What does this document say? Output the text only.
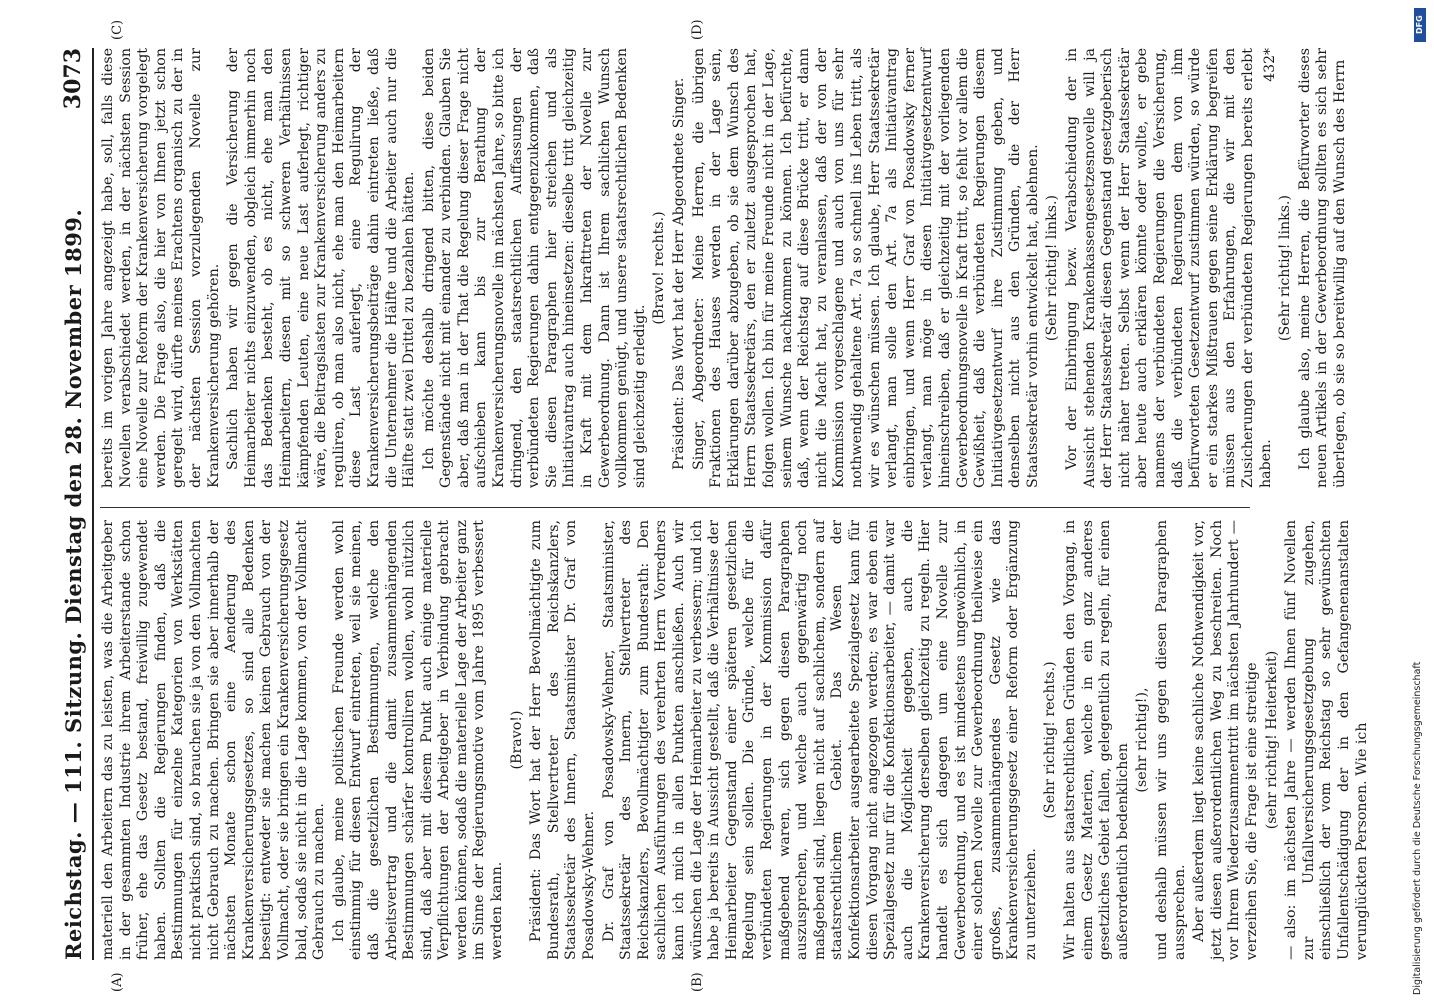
Reichstag. — 111. Sitzung. Dienstag den 28. November 1899.
3073
(A)	(B)
(C)	(D)

materiell den Arbeitern das zu leisten, was die Arbeitgeber in der gesammten Industrie ihrem Arbeiterstande schon früher, ehe das Gesetz bestand, freiwillig zugewendet haben. Sollten die Regierungen finden, daß die Bestimmungen für einzelne Kategorien von Werkstätten nicht praktisch sind, so brauchen sie ja von den Vollmachten nicht Gebrauch zu machen. Bringen sie aber innerhalb der nächsten Monate schon eine Aenderung des Krankenversicherungsgesetzes, so sind alle Bedenken beseitigt: entweder sie machen keinen Gebrauch von der Vollmacht, oder sie bringen ein Krankenversicherungsgesetz bald, sodaß sie nicht in die Lage kommen, von der Vollmacht Gebrauch zu machen. Ich glaube, meine politischen Freunde werden wohl einstimmig für diesen Entwurf eintreten, weil sie meinen, daß die gesetzlichen Bestimmungen, welche den Arbeitsvertrag und die damit zusammenhängenden Bestimmungen schärfer kontrolliren wollen, wohl nützlich sind, daß aber mit diesem Punkt auch einige materielle Verpflichtungen der Arbeitgeber in Verbindung gebracht werden können, sodaß die materielle Lage der Arbeiter ganz im Sinne der Regierungsmotive vom Jahre 1895 verbessert werden kann.

(Bravo!) Präsident: Das Wort hat der Herr Bevollmächtigte zum Bundesrath, Stellvertreter des Reichskanzlers, Staatssekretär des Innern, Staatsminister Dr. Graf von Posadowsky-Wehner. Dr. Graf von Posadowsky-Wehner, Staatsminister, Staatssekretär des Innern, Stellvertreter des Reichskanzlers, Bevollmächtigter zum Bundesrath: Den sachlichen Ausführungen des verehrten Herrn Vorredners kann ich mich in allen Punkten anschließen. Auch wir wünschen die Lage der Heimarbeiter zu verbessern; und ich habe ja bereits in Aussicht gestellt, daß die Verhältnisse der Heimarbeiter Gegenstand einer späteren gesetzlichen Regelung sein sollen. Die Gründe, welche für die verbündeten Regierungen in der Kommission dafür maßgebend waren, sich gegen diesen Paragraphen auszusprechen, und welche auch gegenwärtig noch maßgebend sind, liegen nicht auf sachlichem, sondern auf staatsrechtlichem Gebiet. Das Wesen der Konfektionsarbeiter ausgearbeitete Spezialgesetz kann für diesen Vorgang nicht angezogen werden; es war eben ein Spezialgesetz nur für die Konfektionsarbeiter, — damit war auch die Möglichkeit gegeben, auch die Krankenversicherung derselben gleichzeitig zu regeln. Hier handelt es sich dagegen um eine Novelle zur Gewerbeordnung, und es ist mindestens ungewöhnlich, in einer solchen Novelle zur Gewerbeordnung theilweise ein großes, zusammenhängendes Gesetz wie das Krankenversicherungsgesetz einer Reform oder Ergänzung zu unterziehen.

(Sehr richtig! rechts.) Wir halten aus staatsrechtlichen Gründen den Vorgang, in einem Gesetz Materien, welche in ein ganz anderes gesetzliches Gebiet fallen, gelegentlich zu regeln, für einen außerordentlich bedenklichen

(sehr richtig!), und deshalb müssen wir uns gegen diesen Paragraphen aussprechen. Aber außerdem liegt keine sachliche Nothwendigkeit vor, jetzt diesen außerordentlichen Weg zu beschreiten. Noch vor Ihrem Wiederzusammentritt im nächsten Jahrhundert — verzeihen Sie, die Frage ist eine streitige (sehr richtig! Heiterkeit) — also: im nächsten Jahre — werden Ihnen fünf Novellen zur Unfallversicherungsgesetzgebung zugehen, einschließlich der vom Reichstag so sehr gewünschten Unfallentschädigung der in den Gefangenenanstalten verunglückten Personen. Wie ich

bereits im vorigen Jahre angezeigt habe, soll, falls diese Novellen verabschiedet werden, in der nächsten Session eine Novelle zur Reform der Krankenversicherung vorgelegt werden. Die Frage also, die hier von Ihnen jetzt schon geregelt wird, dürfte meines Erachtens organisch zu der in der nächsten Session vorzulegenden Novelle zur Krankenversicherung gehören. Sachlich haben wir gegen die Versicherung der Heimarbeiter nichts einzuwenden, obgleich immerhin noch das Bedenken besteht, ob es nicht, ehe man den Heimarbeitern, diesen mit so schweren Verhältnissen kämpfenden Leuten, eine neue Last auferlegt, richtiger wäre, die Beitragslasten zur Krankenversicherung anders zu reguliren, ob man also nicht, ehe man den Heimarbeitern diese Last auferlegt, eine Regulirung der Krankenversicherungsbeiträge dahin eintreten ließe, daß die Unternehmer die Hälfte und die Arbeiter auch nur die Hälfte statt zwei Drittel zu bezahlen hätten. Ich möchte deshalb dringend bitten, diese beiden Gegenstände nicht mit einander zu verbinden. Glauben Sie aber, daß man in der That die Regelung dieser Frage nicht aufschieben kann bis zur Berathung der Krankenversicherungsnovelle im nächsten Jahre, so bitte ich dringend, den staatsrechtlichen Auffassungen der verbündeten Regierungen dahin entgegenzukommen, daß Sie diesen Paragraphen hier streichen und als Initiativantrag auch hineinsetzen: dieselbe tritt gleichzeitig in Kraft mit dem Inkrafttreten der Novelle zur Gewerbeordnung. Dann ist Ihrem sachlichen Wunsch vollkommen genügt, und unsere staatsrechtlichen Bedenken sind gleichzeitig erledigt.

(Bravo! rechts.) Präsident: Das Wort hat der Herr Abgeordnete Singer. Singer, Abgeordneter: Meine Herren, die übrigen Fraktionen des Hauses werden in der Lage sein, Erklärungen darüber abzugeben, ob sie dem Wunsch des Herrn Staatssekretärs, den er zuletzt ausgesprochen hat, folgen wollen. Ich bin für meine Freunde nicht in der Lage, seinem Wunsche nachkommen zu können. Ich befürchte, daß, wenn der Reichstag auf diese Brücke tritt, er dann nicht die Macht hat, zu veranlassen, daß der von der Kommission vorgeschlagene und auch von uns für sehr nothwendig gehaltene Art. 7a so schnell ins Leben tritt, als wir es wünschen müssen. Ich glaube, Herr Staatssekretär verlangt, man solle den Art. 7a als Initiativantrag einbringen, und wenn Herr Graf von Posadowsky ferner verlangt, man möge in diesen Initiativgesetzentwurf hineinschreiben, daß er gleichzeitig mit der vorliegenden Gewerbeordnungsnovelle in Kraft tritt, so fehlt vor allem die Gewißheit, daß die verbündeten Regierungen diesem Initiativgesetzentwurf ihre Zustimmung geben, und denselben nicht aus den Gründen, die der Herr Staatssekretär vorhin entwickelt hat, ablehnen. (Sehr richtig! links.) Vor der Einbringung bezw. Verabschiedung der in Aussicht stehenden Krankenkassengesetzesnovelle will ja der Herr Staatssekretär diesen Gegenstand gesetzgeberisch nicht näher treten. Selbst wenn der Herr Staatssekretär aber heute auch erklären könnte oder wollte, er gebe namens der verbündeten Regierungen die Versicherung, daß die verbündeten Regierungen dem von ihm befürworteten Gesetzentwurf zustimmen würden, so würde er ein starkes Mißtrauen gegen seine Erklärung begreifen müssen aus den Erfahrungen, die wir mit den Zusicherungen der verbündeten Regierungen bereits erlebt haben.

(Sehr richtig! links.) Ich glaube also, meine Herren, die Befürworter dieses neuen Artikels in der Gewerbeordnung sollten es sich sehr überlegen, ob sie so bereitwillig auf den Wunsch des Herrn

432*
DFG
Digitalisierung gefördert durch die Deutsche Forschungsgemeinschaft
